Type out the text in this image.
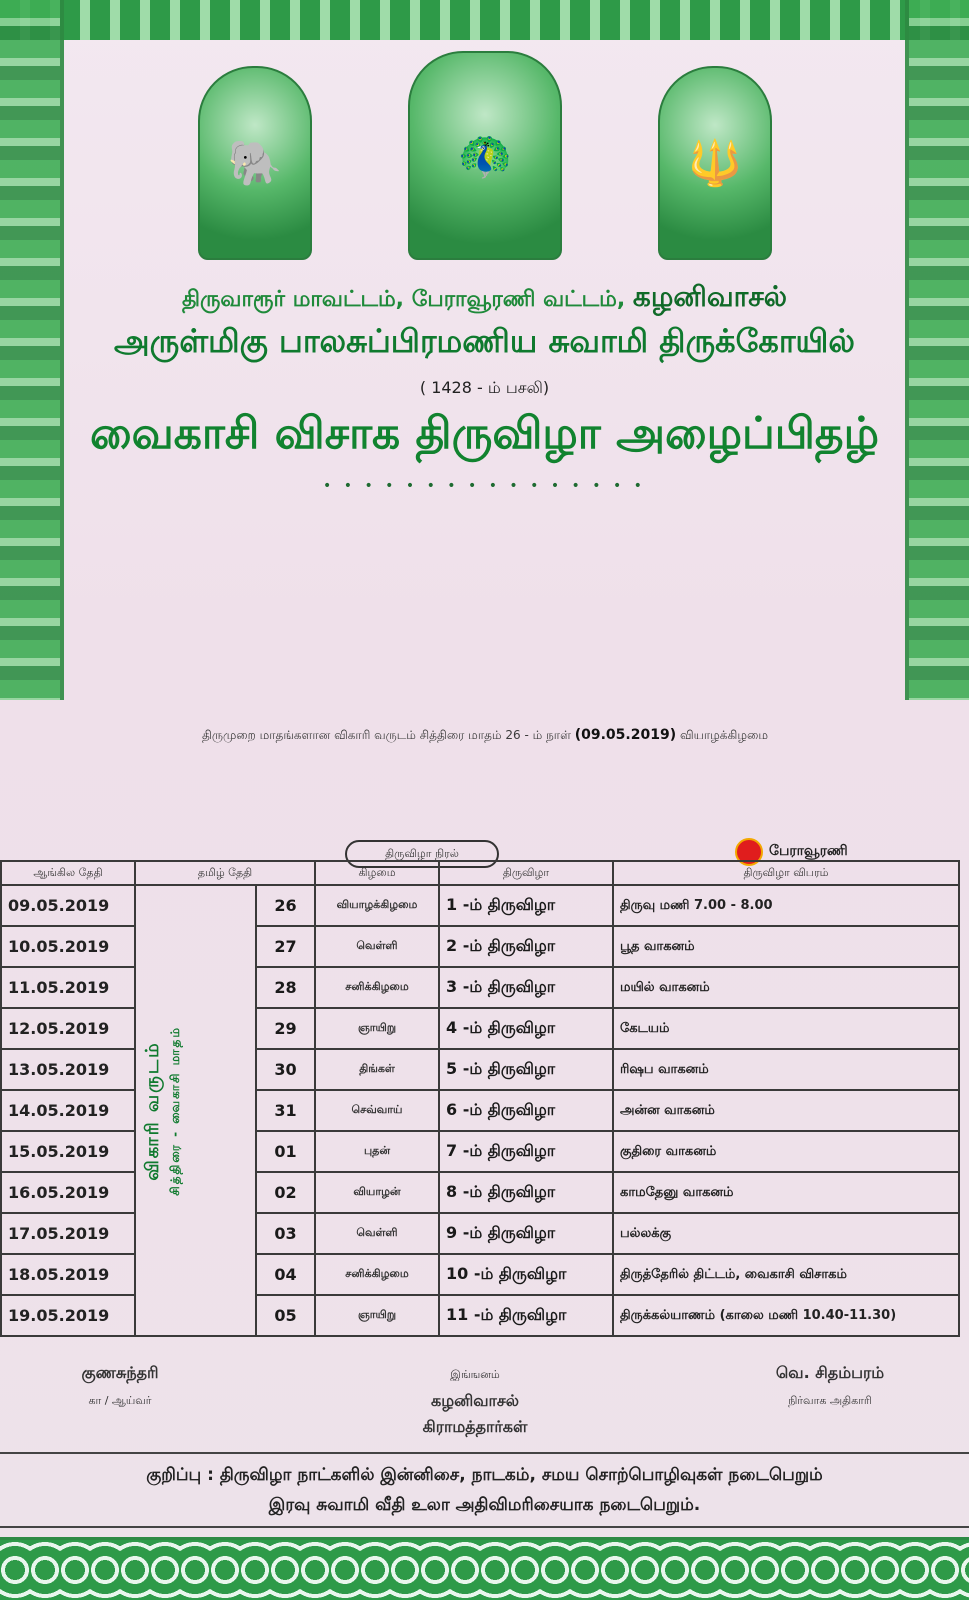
🐘	🦚	🔱
திருவாரூர் மாவட்டம், பேராவூரணி வட்டம், கழனிவாசல்
அருள்மிகு பாலசுப்பிரமணிய சுவாமி திருக்கோயில்
( 1428 - ம் பசலி)
வைகாசி விசாக திருவிழா அழைப்பிதழ்
• • • • • • • • • • • • • • • •
திருமுறை மாதங்களான விகாரி வருடம் சித்திரை மாதம் 26 - ம் நாள் (09.05.2019) வியாழக்கிழமை
பேராவூரணி
திருவிழா நிரல்
ஆங்கில தேதி	தமிழ் தேதி		கிழமை	திருவிழா	திருவிழா விபரம்
09.05.2019	விகாரி வருடம் சித்திரை - வைகாசி மாதம்	26	வியாழக்கிழமை	1 -ம் திருவிழா	திருவு மணி 7.00 - 8.00
10.05.2019		27	வெள்ளி	2 -ம் திருவிழா	பூத வாகனம்
11.05.2019		28	சனிக்கிழமை	3 -ம் திருவிழா	மயில் வாகனம்
12.05.2019		29	ஞாயிறு	4 -ம் திருவிழா	கேடயம்
13.05.2019		30	திங்கள்	5 -ம் திருவிழா	ரிஷப வாகனம்
14.05.2019		31	செவ்வாய்	6 -ம் திருவிழா	அன்ன வாகனம்
15.05.2019		01	புதன்	7 -ம் திருவிழா	குதிரை வாகனம்
16.05.2019		02	வியாழன்	8 -ம் திருவிழா	காமதேனு வாகனம்
17.05.2019		03	வெள்ளி	9 -ம் திருவிழா	பல்லக்கு
18.05.2019		04	சனிக்கிழமை	10 -ம் திருவிழா	திருத்தேரில் திட்டம், வைகாசி விசாகம்
19.05.2019		05	ஞாயிறு	11 -ம் திருவிழா	திருக்கல்யாணம் (காலை மணி 10.40-11.30)
குணசுந்தரி
கா / ஆய்வர்
இங்ஙனம்
கழனிவாசல்
கிராமத்தார்கள்
வெ. சிதம்பரம்
நிர்வாக அதிகாரி
குறிப்பு : திருவிழா நாட்களில் இன்னிசை, நாடகம், சமய சொற்பொழிவுகள் நடைபெறும்
இரவு சுவாமி வீதி உலா அதிவிமரிசையாக நடைபெறும்.
